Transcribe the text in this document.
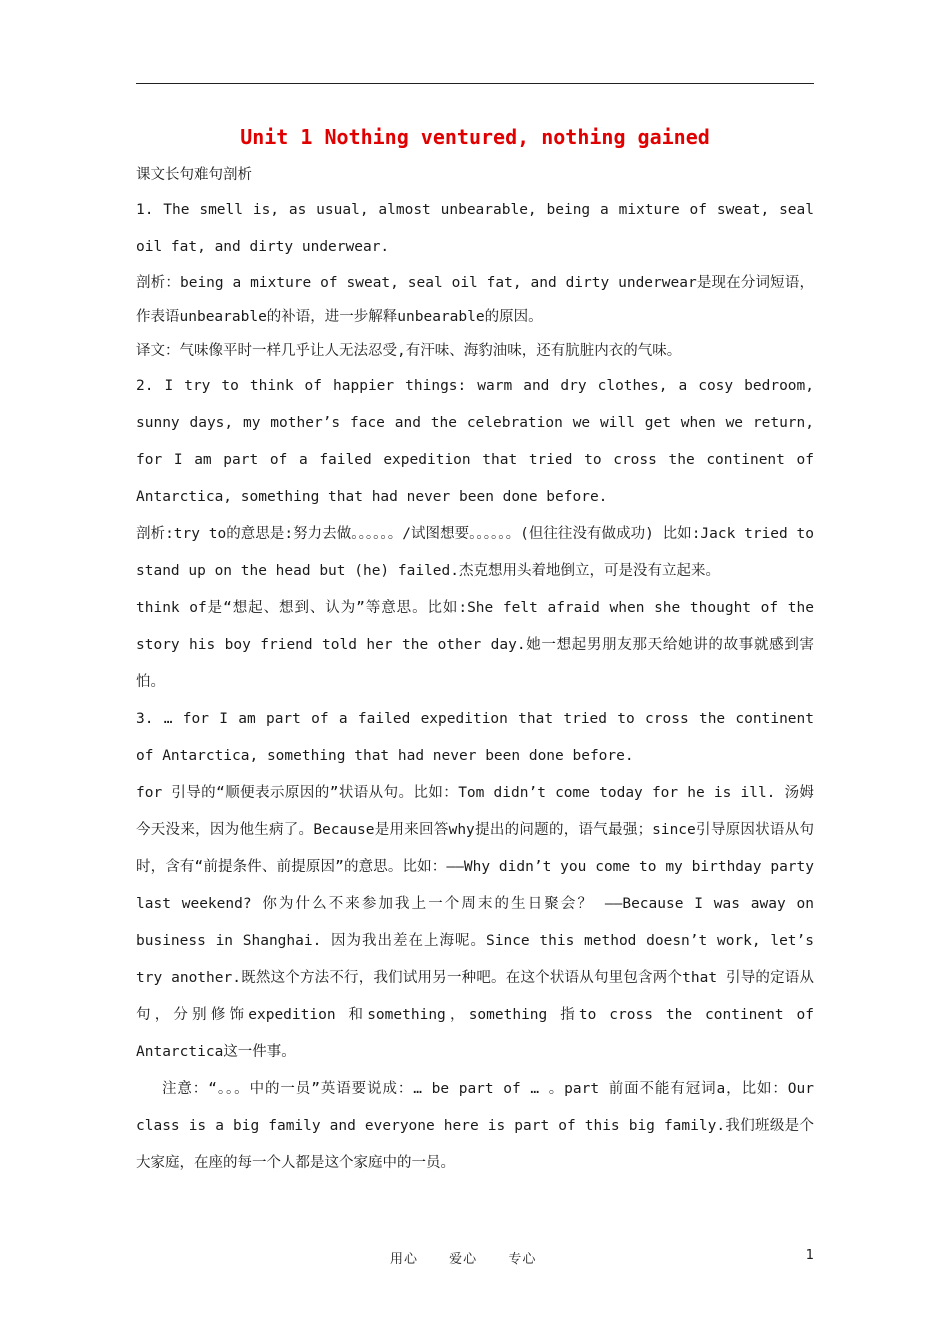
Unit 1 Nothing ventured, nothing gained

课文长句难句剖析

1. The smell is, as usual, almost unbearable, being a mixture of sweat, seal oil fat, and dirty underwear.

剖析：being a mixture of sweat, seal oil fat, and dirty underwear是现在分词短语，作表语unbearable的补语，进一步解释unbearable的原因。

译文：气味像平时一样几乎让人无法忍受,有汗味、海豹油味，还有肮脏内衣的气味。

2. I try to think of happier things: warm and dry clothes, a cosy bedroom, sunny days, my mother’s face and the celebration we will get when we return, for I am part of a failed expedition that tried to cross the continent of Antarctica, something that had never been done before.

剖析:try to的意思是:努力去做。。。。。。/试图想要。。。。。。(但往往没有做成功) 比如:Jack tried to stand up on the head but (he) failed.杰克想用头着地倒立，可是没有立起来。

think of是“想起、想到、认为”等意思。比如:She felt afraid when she thought of the story his boy friend told her the other day.她一想起男朋友那天给她讲的故事就感到害怕。

3. … for I am part of a failed expedition that tried to cross the continent of Antarctica, something that had never been done before.

for 引导的“顺便表示原因的”状语从句。比如：Tom didn’t come today for he is ill. 汤姆今天没来，因为他生病了。Because是用来回答why提出的问题的，语气最强；since引导原因状语从句时，含有“前提条件、前提原因”的意思。比如：——Why didn’t you come to my birthday party last weekend? 你为什么不来参加我上一个周末的生日聚会？ ——Because I was away on business in Shanghai. 因为我出差在上海呢。Since this method doesn’t work, let’s try another.既然这个方法不行，我们试用另一种吧。在这个状语从句里包含两个that 引导的定语从句，分别修饰expedition 和something，something 指to cross the continent of Antarctica这一件事。

注意：“。。。中的一员”英语要说成：… be part of … 。part 前面不能有冠词a，比如：Our class is a big family and everyone here is part of this big family.我们班级是个大家庭，在座的每一个人都是这个家庭中的一员。

用心 爱心 专心	1
